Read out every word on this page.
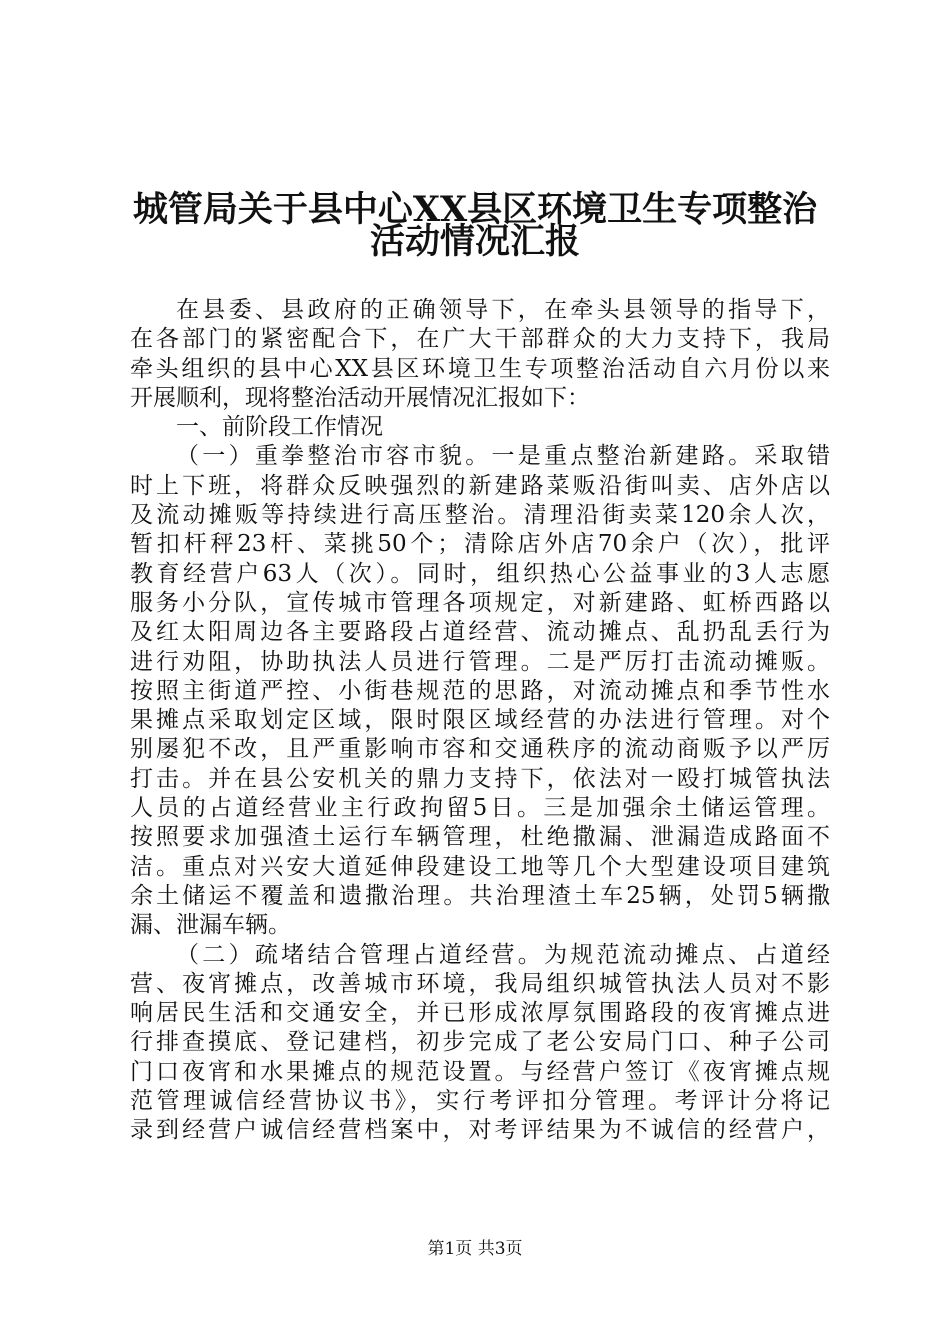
城管局关于县中心XX县区环境卫生专项整治
活动情况汇报
在县委、县政府的正确领导下，在牵头县领导的指导下，
在各部门的紧密配合下，在广大干部群众的大力支持下，我局
牵头组织的县中心XX县区环境卫生专项整治活动自六月份以来
开展顺利，现将整治活动开展情况汇报如下：
一、前阶段工作情况
（一）重拳整治市容市貌。一是重点整治新建路。采取错
时上下班，将群众反映强烈的新建路菜贩沿街叫卖、店外店以
及流动摊贩等持续进行高压整治。清理沿街卖菜120余人次，
暂扣杆秤23杆、菜挑50个；清除店外店70余户（次），批评
教育经营户63人（次）。同时，组织热心公益事业的3人志愿
服务小分队，宣传城市管理各项规定，对新建路、虹桥西路以
及红太阳周边各主要路段占道经营、流动摊点、乱扔乱丢行为
进行劝阻，协助执法人员进行管理。二是严厉打击流动摊贩。
按照主街道严控、小街巷规范的思路，对流动摊点和季节性水
果摊点采取划定区域，限时限区域经营的办法进行管理。对个
别屡犯不改，且严重影响市容和交通秩序的流动商贩予以严厉
打击。并在县公安机关的鼎力支持下，依法对一殴打城管执法
人员的占道经营业主行政拘留5日。三是加强余土储运管理。
按照要求加强渣土运行车辆管理，杜绝撒漏、泄漏造成路面不
洁。重点对兴安大道延伸段建设工地等几个大型建设项目建筑
余土储运不覆盖和遗撒治理。共治理渣土车25辆，处罚5辆撒
漏、泄漏车辆。
（二）疏堵结合管理占道经营。为规范流动摊点、占道经
营、夜宵摊点，改善城市环境，我局组织城管执法人员对不影
响居民生活和交通安全，并已形成浓厚氛围路段的夜宵摊点进
行排查摸底、登记建档，初步完成了老公安局门口、种子公司
门口夜宵和水果摊点的规范设置。与经营户签订《夜宵摊点规
范管理诚信经营协议书》，实行考评扣分管理。考评计分将记
录到经营户诚信经营档案中，对考评结果为不诚信的经营户，
第1页 共3页
